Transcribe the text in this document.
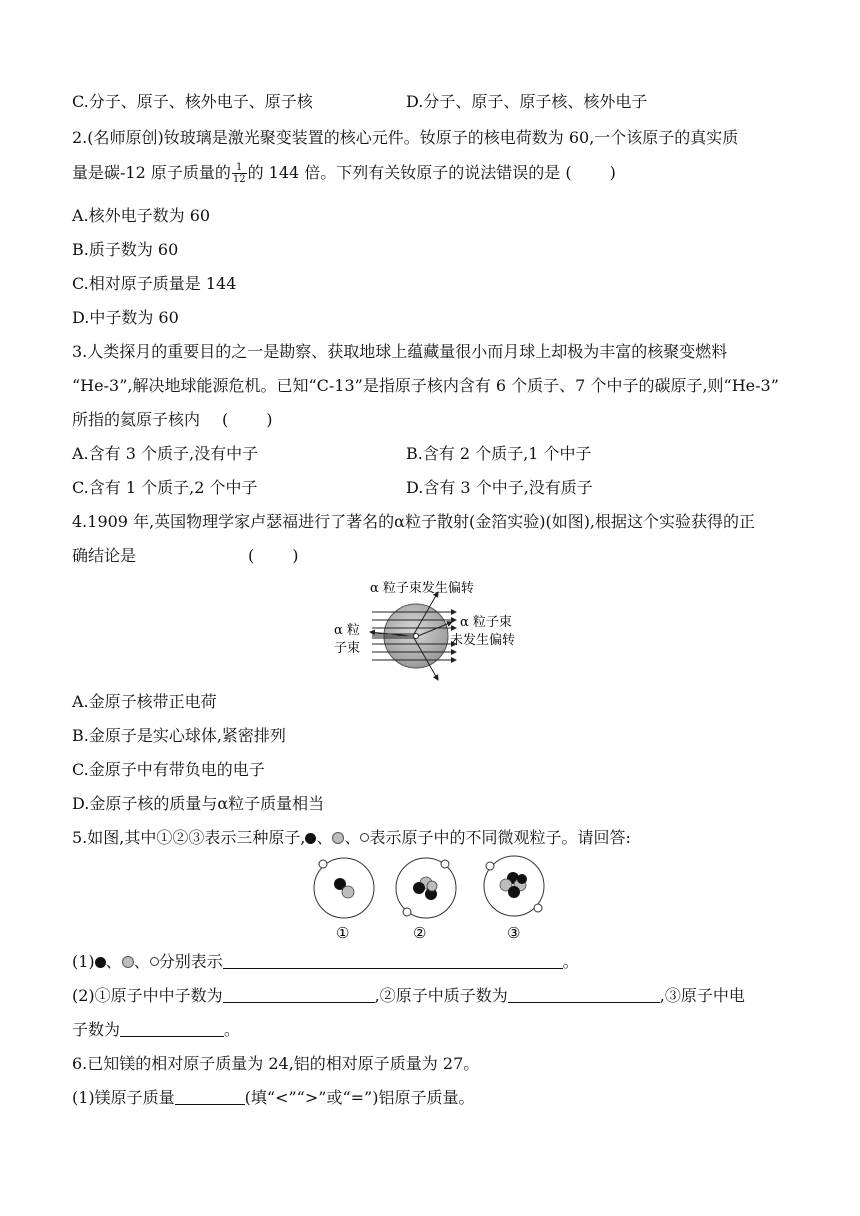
C.分子、原子、核外电子、原子核	D.分子、原子、原子核、核外电子
2.(名师原创)钕玻璃是激光聚变装置的核心元件。钕原子的核电荷数为 60,一个该原子的真实质
量是碳-12 原子质量的 $\frac{1}{12}$ 的 144 倍。下列有关钕原子的说法错误的是 ( )
A.核外电子数为 60
B.质子数为 60
C.相对原子质量是 144
D.中子数为 60
3.人类探月的重要目的之一是勘察、获取地球上蕴藏量很小而月球上却极为丰富的核聚变燃料
“He-3”,解决地球能源危机。已知“C-13”是指原子核内含有 6 个质子、7 个中子的碳原子,则“He-3”
所指的氦原子核内 ( )
A.含有 3 个质子,没有中子	B.含有 2 个质子,1 个中子
C.含有 1 个质子,2 个中子	D.含有 3 个中子,没有质子
4.1909 年,英国物理学家卢瑟福进行了著名的α粒子散射(金箔实验)(如图),根据这个实验获得的正
确结论是	( )
α 粒子束发生偏转
α 粒
子束
α 粒子束
未发生偏转
A.金原子核带正电荷
B.金原子是实心球体,紧密排列
C.金原子中有带负电的电子
D.金原子核的质量与α粒子质量相当
5.如图,其中①②③表示三种原子, 、 、 表示原子中的不同微观粒子。请回答:
①	②	③
(1) 、 、 分别表示	。
(2)①原子中中子数为	,②原子中质子数为	,③原子中电
子数为	。
6.已知镁的相对原子质量为 24,铝的相对原子质量为 27。
(1)镁原子质量	(填“<”“>”或“=”)铝原子质量。
